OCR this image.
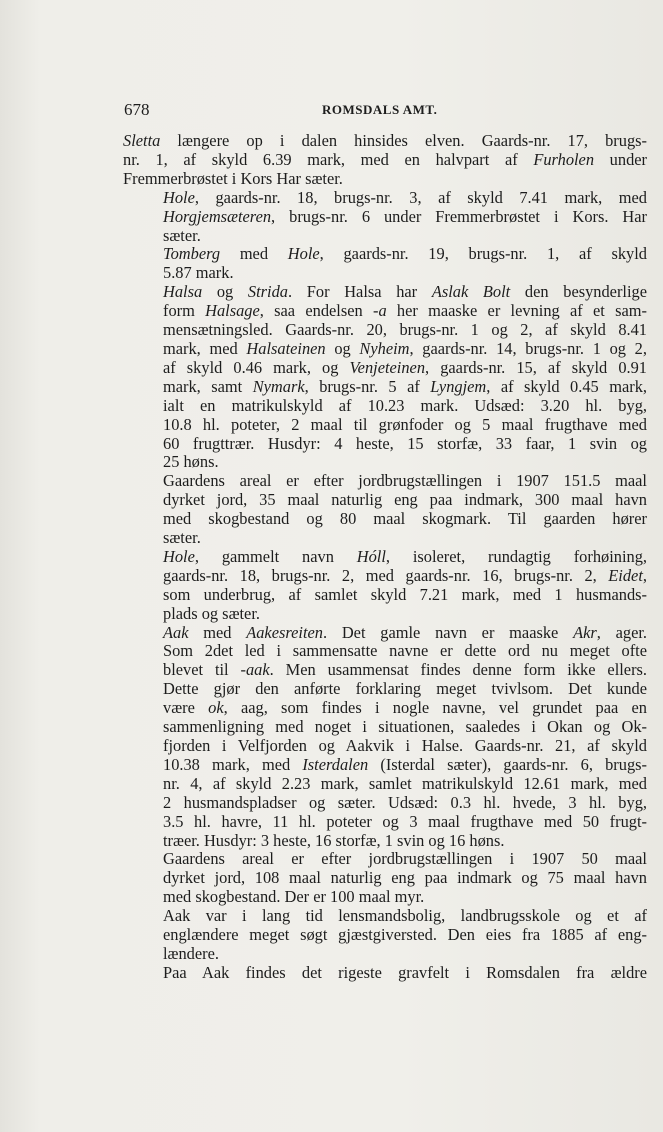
678	ROMSDALS AMT.
Sletta længere op i dalen hinsides elven. Gaards-nr. 17, brugs-
nr. 1, af skyld 6.39 mark, med en halvpart af Furholen under
Fremmerbrøstet i Kors Har sæter.
Hole, gaards-nr. 18, brugs-nr. 3, af skyld 7.41 mark, med
Horgjemsæteren, brugs-nr. 6 under Fremmerbrøstet i Kors. Har
sæter.
Tomberg med Hole, gaards-nr. 19, brugs-nr. 1, af skyld
5.87 mark.
Halsa og Strida. For Halsa har Aslak Bolt den besynderlige
form Halsage, saa endelsen -a her maaske er levning af et sam-
mensætningsled. Gaards-nr. 20, brugs-nr. 1 og 2, af skyld 8.41
mark, med Halsateinen og Nyheim, gaards-nr. 14, brugs-nr. 1 og 2,
af skyld 0.46 mark, og Venjeteinen, gaards-nr. 15, af skyld 0.91
mark, samt Nymark, brugs-nr. 5 af Lyngjem, af skyld 0.45 mark,
ialt en matrikulskyld af 10.23 mark. Udsæd: 3.20 hl. byg,
10.8 hl. poteter, 2 maal til grønfoder og 5 maal frugthave med
60 frugttrær. Husdyr: 4 heste, 15 storfæ, 33 faar, 1 svin og
25 høns.
Gaardens areal er efter jordbrugstællingen i 1907 151.5 maal
dyrket jord, 35 maal naturlig eng paa indmark, 300 maal havn
med skogbestand og 80 maal skogmark. Til gaarden hører
sæter.
Hole, gammelt navn Hóll, isoleret, rundagtig forhøining,
gaards-nr. 18, brugs-nr. 2, med gaards-nr. 16, brugs-nr. 2, Eidet,
som underbrug, af samlet skyld 7.21 mark, med 1 husmands-
plads og sæter.
Aak med Aakesreiten. Det gamle navn er maaske Akr, ager.
Som 2det led i sammensatte navne er dette ord nu meget ofte
blevet til -aak. Men usammensat findes denne form ikke ellers.
Dette gjør den anførte forklaring meget tvivlsom. Det kunde
være ok, aag, som findes i nogle navne, vel grundet paa en
sammenligning med noget i situationen, saaledes i Okan og Ok-
fjorden i Velfjorden og Aakvik i Halse. Gaards-nr. 21, af skyld
10.38 mark, med Isterdalen (Isterdal sæter), gaards-nr. 6, brugs-
nr. 4, af skyld 2.23 mark, samlet matrikulskyld 12.61 mark, med
2 husmandspladser og sæter. Udsæd: 0.3 hl. hvede, 3 hl. byg,
3.5 hl. havre, 11 hl. poteter og 3 maal frugthave med 50 frugt-
træer. Husdyr: 3 heste, 16 storfæ, 1 svin og 16 høns.
Gaardens areal er efter jordbrugstællingen i 1907 50 maal
dyrket jord, 108 maal naturlig eng paa indmark og 75 maal havn
med skogbestand. Der er 100 maal myr.
Aak var i lang tid lensmandsbolig, landbrugsskole og et af
englændere meget søgt gjæstgiversted. Den eies fra 1885 af eng-
lændere.
Paa Aak findes det rigeste gravfelt i Romsdalen fra ældre
